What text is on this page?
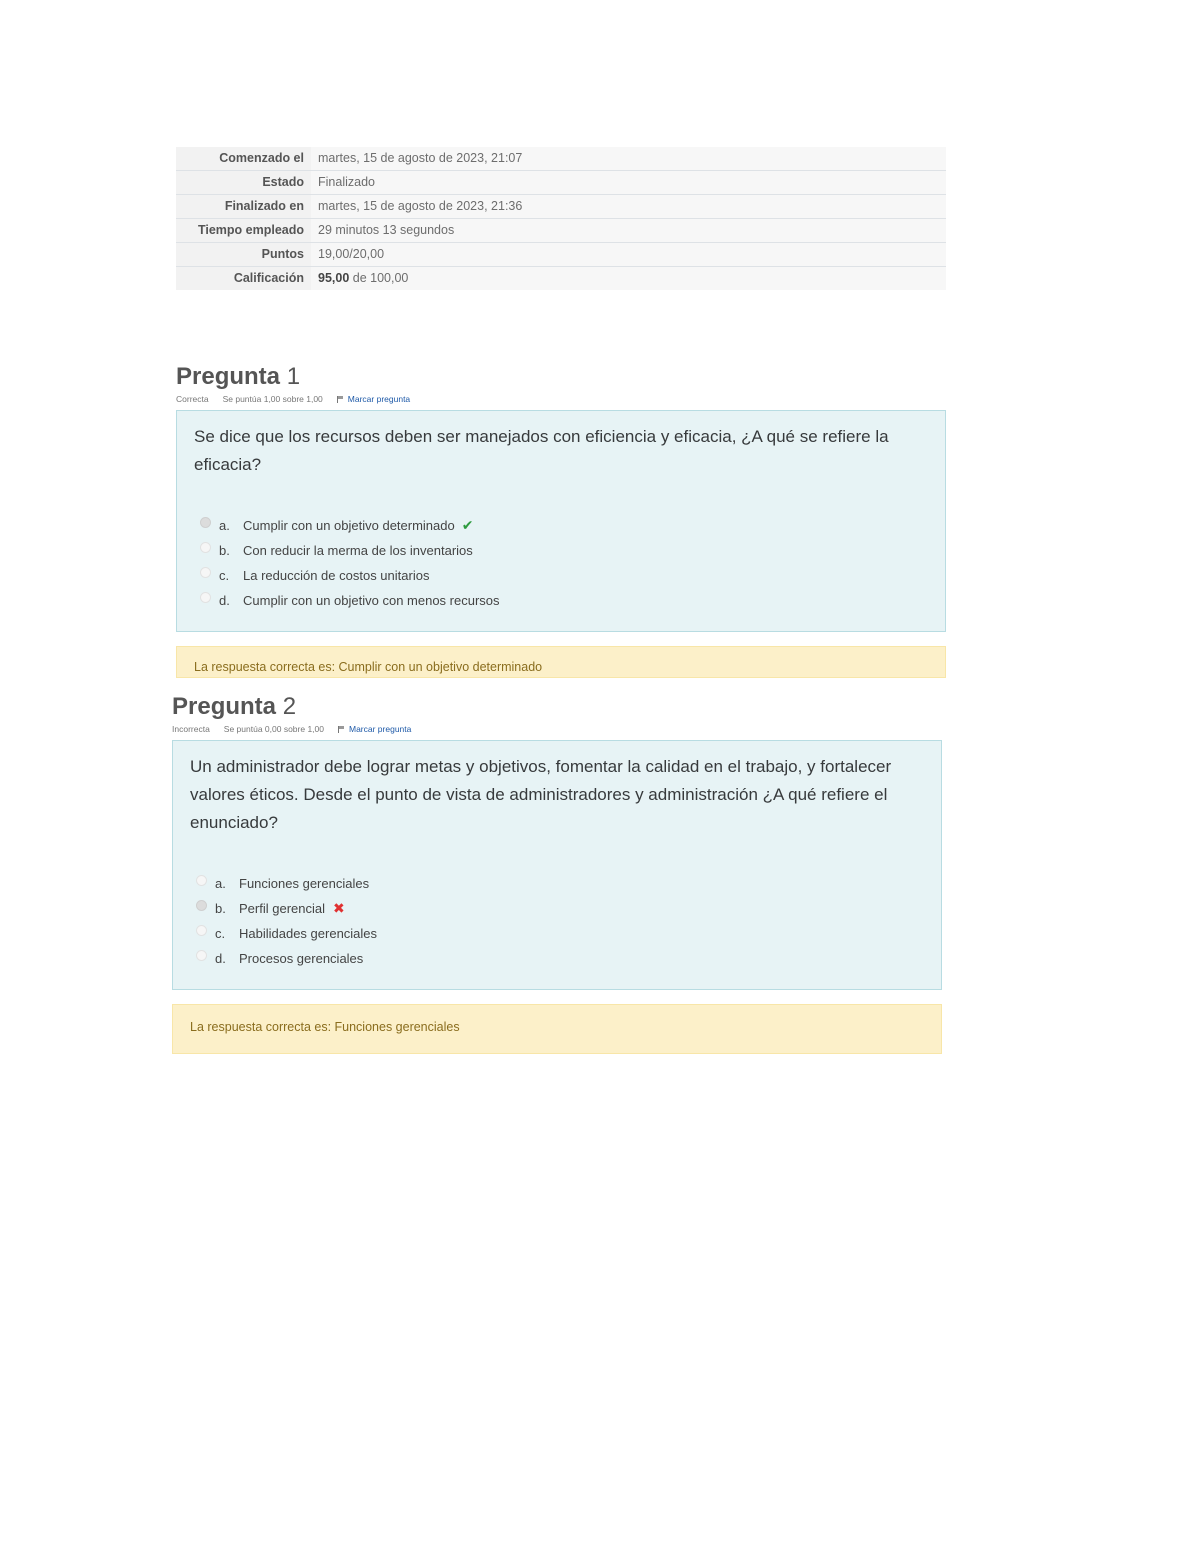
Comenzado el	martes, 15 de agosto de 2023, 21:07
Estado	Finalizado
Finalizado en	martes, 15 de agosto de 2023, 21:36
Tiempo empleado	29 minutos 13 segundos
Puntos	19,00/20,00
Calificación	95,00 de 100,00
Pregunta 1
Correcta Se puntúa 1,00 sobre 1,00	Marcar pregunta

Se dice que los recursos deben ser manejados con eficiencia y eficacia, ¿A qué se refiere la eficacia?

a.	Cumplir con un objetivo determinado ✔
b.	Con reducir la merma de los inventarios
c.	La reducción de costos unitarios
d.	Cumplir con un objetivo con menos recursos
La respuesta correcta es: Cumplir con un objetivo determinado
Pregunta 2
Incorrecta Se puntúa 0,00 sobre 1,00	Marcar pregunta

Un administrador debe lograr metas y objetivos, fomentar la calidad en el trabajo, y fortalecer valores éticos. Desde el punto de vista de administradores y administración ¿A qué refiere el enunciado?

a.	Funciones gerenciales
b.	Perfil gerencial ✖
c.	Habilidades gerenciales
d.	Procesos gerenciales
La respuesta correcta es: Funciones gerenciales
